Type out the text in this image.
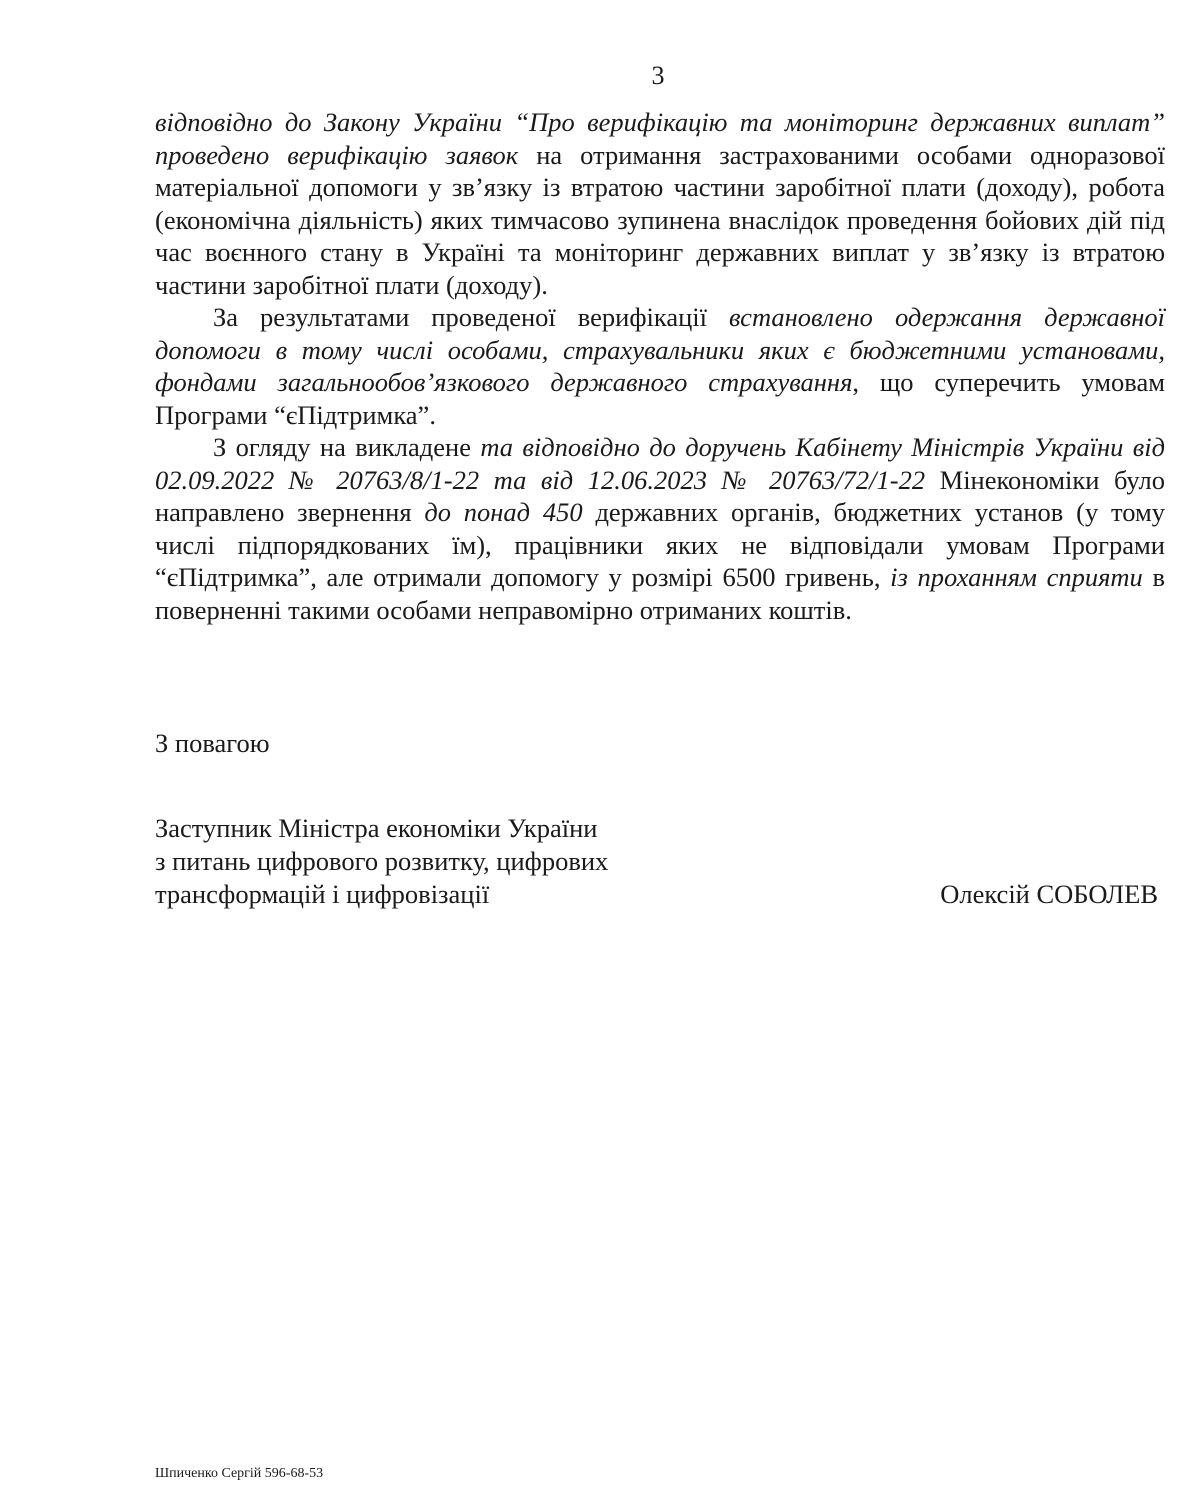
3

відповідно до Закону України “Про верифікацію та моніторинг державних виплат” проведено верифікацію заявок на отримання застрахованими особами одноразової матеріальної допомоги у зв’язку із втратою частини заробітної плати (доходу), робота (економічна діяльність) яких тимчасово зупинена внаслідок проведення бойових дій під час воєнного стану в Україні та моніторинг державних виплат у зв’язку із втратою частини заробітної плати (доходу).

За результатами проведеної верифікації встановлено одержання державної допомоги в тому числі особами, страхувальники яких є бюджетними установами, фондами загальнообов’язкового державного страхування, що суперечить умовам Програми “єПідтримка”.

З огляду на викладене та відповідно до доручень Кабінету Міністрів України від 02.09.2022 № 20763/8/1-22 та від 12.06.2023 № 20763/72/1-22 Мінекономіки було направлено звернення до понад 450 державних органів, бюджетних установ (у тому числі підпорядкованих їм), працівники яких не відповідали умовам Програми “єПідтримка”, але отримали допомогу у розмірі 6500 гривень, із проханням сприяти в поверненні такими особами неправомірно отриманих коштів.

З повагою
Заступник Міністра економіки України
з питань цифрового розвитку, цифрових
трансформацій і цифровізації	Олексій СОБОЛЕВ
Шпиченко Сергій 596-68-53
